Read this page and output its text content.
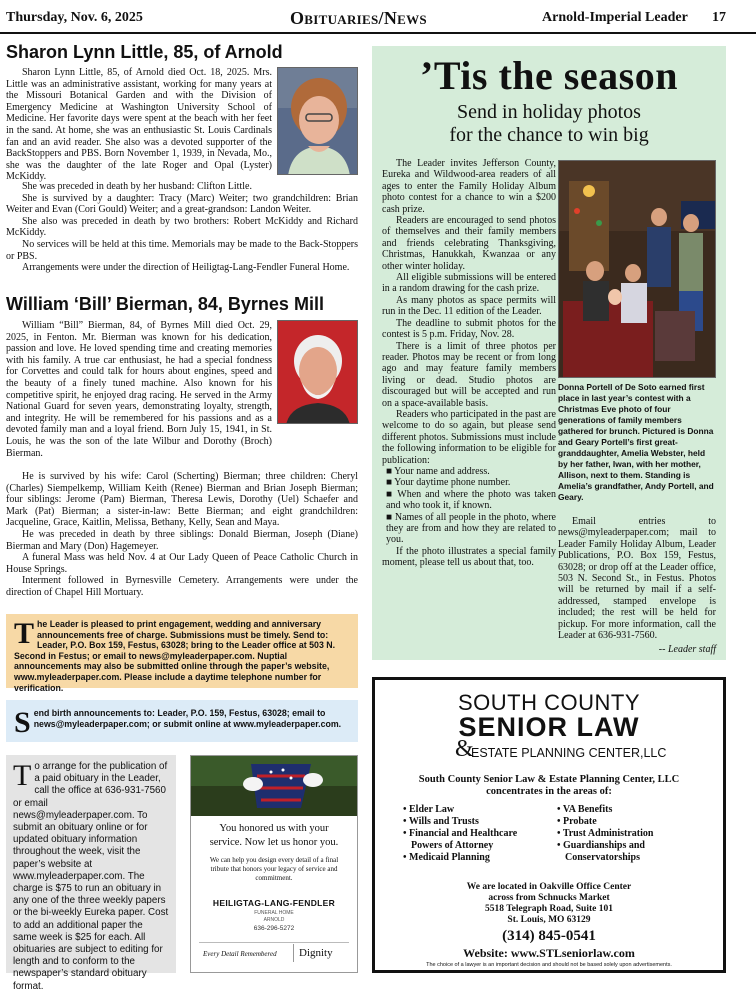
Thursday, Nov. 6, 2025	Obituaries/News	Arnold-Imperial Leader 17
Sharon Lynn Little, 85, of Arnold

Sharon Lynn Little, 85, of Arnold died Oct. 18, 2025. Mrs. Little was an administrative assistant, working for many years at the Missouri Botanical Garden and with the Division of Emergency Medicine at Washington University School of Medicine. Her favorite days were spent at the beach with her feet in the sand. At home, she was an enthusiastic St. Louis Cardinals fan and an avid reader. She also was a devoted supporter of the BackStoppers and PBS. Born November 1, 1939, in Nevada, Mo., she was the daughter of the late Roger and Opal (Lyster) McKiddy.

She was preceded in death by her husband: Clifton Little.

She is survived by a daughter: Tracy (Marc) Weiter; two grandchildren: Brian Weiter and Evan (Cori Gould) Weiter; and a great-grandson: Landon Weiter.

She also was preceded in death by two brothers: Robert McKiddy and Richard McKiddy.

No services will be held at this time. Memorials may be made to the Back-Stoppers or PBS.

Arrangements were under the direction of Heiligtag-Lang-Fendler Funeral Home.

William ‘Bill’ Bierman, 84, Byrnes Mill

William “Bill” Bierman, 84, of Byrnes Mill died Oct. 29, 2025, in Fenton. Mr. Bierman was known for his dedication, passion and love. He loved spending time and creating memories with his family. A true car enthusiast, he had a special fondness for Corvettes and could talk for hours about engines, speed and the beauty of a finely tuned machine. Also known for his competitive spirit, he enjoyed drag racing. He served in the Army National Guard for seven years, demonstrating loyalty, strength, and integrity. He will be remembered for his passions and as a devoted family man and a loyal friend. Born July 15, 1941, in St. Louis, he was the son of the late Wilbur and Dorothy (Broch) Bierman.

He is survived by his wife: Carol (Scherting) Bierman; three children: Cheryl (Charles) Siempelkemp, William Keith (Renee) Bierman and Brian Joseph Bierman; four siblings: Jerome (Pam) Bierman, Theresa Lewis, Dorothy (Uel) Schaefer and Mark (Pat) Bierman; a sister-in-law: Bette Bierman; and eight grandchildren: Jacqueline, Grace, Kaitlin, Melissa, Bethany, Kelly, Sean and Maya.

He was preceded in death by three siblings: Donald Bierman, Joseph (Diane) Bierman and Mary (Don) Hagemeyer.

A funeral Mass was held Nov. 4 at Our Lady Queen of Peace Catholic Church in House Springs.

Interment followed in Byrnesville Cemetery. Arrangements were under the direction of Chapel Hill Mortuary.

T he Leader is pleased to print engagement, wedding and anniversary announcements free of charge. Submissions must be timely. Send to: Leader, P.O. Box 159, Festus, 63028; bring to the Leader office at 503 N. Second in Festus; or email to news@myleaderpaper.com. Nuptial announcements may also be submitted online through the paper’s website, www.myleaderpaper.com. Please include a daytime telephone number for verification.
S end birth announcements to: Leader, P.O. 159, Festus, 63028; email to news@myleaderpaper.com; or submit online at www.myleaderpaper.com.
T o arrange for the publication of a paid obituary in the Leader, call the office at 636-931-7560 or email news@myleaderpaper.com. To submit an obituary online or for updated obituary information throughout the week, visit the paper’s website at www.myleaderpaper.com. The charge is $75 to run an obituary in any one of the three weekly papers or the bi-weekly Eureka paper. Cost to add an additional paper the same week is $25 for each. All obituaries are subject to editing for length and to conform to the newspaper’s standard obituary format.
You honored us with your
service. Now let us honor you.
We can help you design every detail of a final tribute that honors your legacy of service and commitment.
HEILIGTAG-LANG-FENDLER
FUNERAL HOME
ARNOLD
636-296-5272
Every Detail Remembered Dignity
’Tis the season
Send in holiday photos
for the chance to win big

The Leader invites Jefferson County, Eureka and Wildwood-area readers of all ages to enter the Family Holiday Album photo contest for a chance to win a $200 cash prize.

Readers are encouraged to send photos of themselves and their family members and friends celebrating Thanksgiving, Christmas, Hanukkah, Kwanzaa or any other winter holiday.

All eligible submissions will be entered in a random drawing for the cash prize.

As many photos as space permits will run in the Dec. 11 edition of the Leader.

The deadline to submit photos for the contest is 5 p.m. Friday, Nov. 28.

There is a limit of three photos per reader. Photos may be recent or from long ago and may feature family members living or dead. Studio photos are discouraged but will be accepted and run on a space-available basis.

Readers who participated in the past are welcome to do so again, but please send different photos. Submissions must include the following information to be eligible for publication:

■ Your name and address.

■ Your daytime phone number.

■ When and where the photo was taken and who took it, if known.

■ Names of all people in the photo, where they are from and how they are related to you.

If the photo illustrates a special family moment, please tell us about that, too.

Donna Portell of De Soto earned first place in last year’s contest with a Christmas Eve photo of four generations of family members gathered for brunch. Pictured is Donna and Geary Portell’s first great-granddaughter, Amelia Webster, held by her father, Iwan, with her mother, Allison, next to them. Standing is Amelia’s grandfather, Andy Portell, and Geary.

Email entries to news@myleaderpaper.com; mail to Leader Family Holiday Album, Leader Publications, P.O. Box 159, Festus, 63028; or drop off at the Leader office, 503 N. Second St., in Festus. Photos will be returned by mail if a self-addressed, stamped envelope is included; the rest will be held for pickup. For more information, call the Leader at 636-931-7560.

-- Leader staff
SOUTH COUNTY
SENIOR LAW
&
ESTATE PLANNING CENTER,LLC
South County Senior Law & Estate Planning Center, LLC
concentrates in the areas of:
• Elder Law
• Wills and Trusts
• Financial and Healthcare
Powers of Attorney
• Medicaid Planning
• VA Benefits
• Probate
• Trust Administration
• Guardianships and
Conservatorships
We are located in Oakville Office Center
across from Schnucks Market
5518 Telegraph Road, Suite 101
St. Louis, MO 63129
(314) 845-0541
Website: www.STLseniorlaw.com
The choice of a lawyer is an important decision and should not be based solely upon advertisements.
